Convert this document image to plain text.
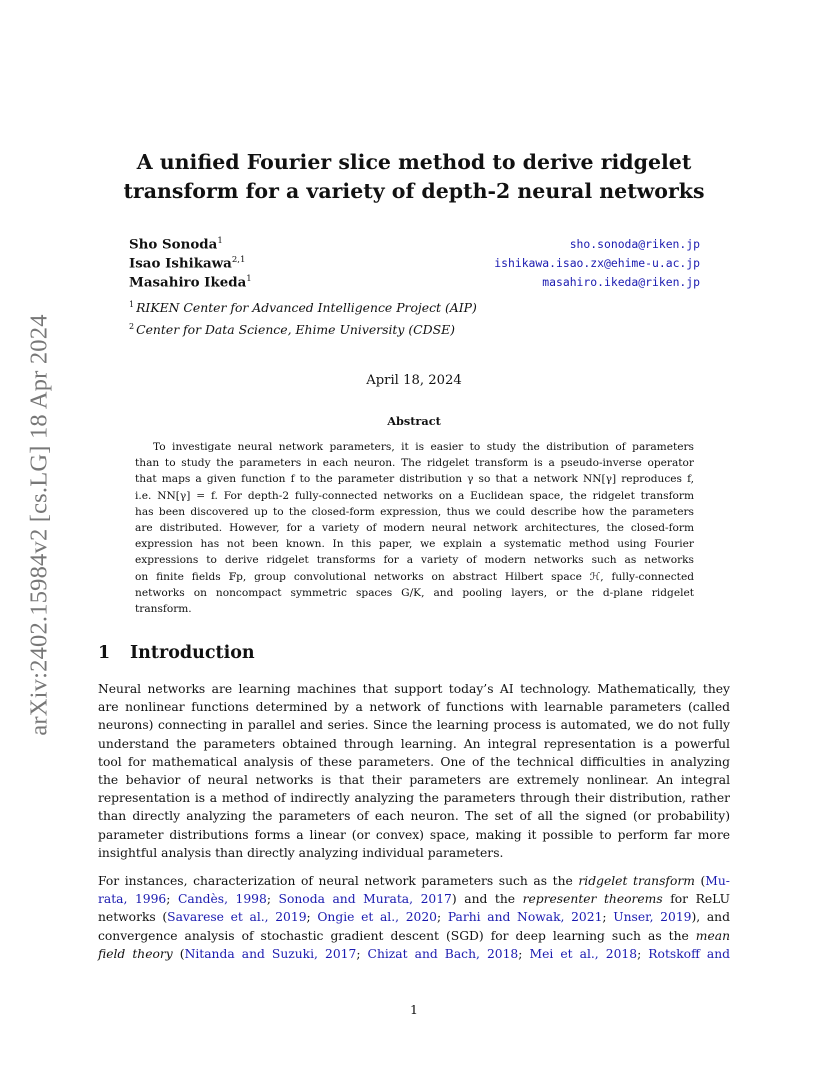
arXiv:2402.15984v2 [cs.LG] 18 Apr 2024
A unified Fourier slice method to derive ridgelet
transform for a variety of depth-2 neural networks
Sho Sonoda$^1$	sho.sonoda@riken.jp
Isao Ishikawa$^{2,1}$	ishikawa.isao.zx@ehime-u.ac.jp
Masahiro Ikeda$^1$	masahiro.ikeda@riken.jp
$^1$ RIKEN Center for Advanced Intelligence Project (AIP)
$^2$ Center for Data Science, Ehime University (CDSE)
April 18, 2024
Abstract
To investigate neural network parameters, it is easier to study the distribution of parameters
than to study the parameters in each neuron. The ridgelet transform is a pseudo-inverse operator
that maps a given function f to the parameter distribution γ so that a network NN[γ] reproduces f,
i.e. NN[γ] = f. For depth-2 fully-connected networks on a Euclidean space, the ridgelet transform
has been discovered up to the closed-form expression, thus we could describe how the parameters
are distributed. However, for a variety of modern neural network architectures, the closed-form
expression has not been known. In this paper, we explain a systematic method using Fourier
expressions to derive ridgelet transforms for a variety of modern networks such as networks
on finite fields 𝔽p, group convolutional networks on abstract Hilbert space ℋ, fully-connected
networks on noncompact symmetric spaces G/K, and pooling layers, or the d-plane ridgelet
transform.
1 Introduction
Neural networks are learning machines that support today’s AI technology. Mathematically, they
are nonlinear functions determined by a network of functions with learnable parameters (called
neurons) connecting in parallel and series. Since the learning process is automated, we do not fully
understand the parameters obtained through learning. An integral representation is a powerful
tool for mathematical analysis of these parameters. One of the technical difficulties in analyzing
the behavior of neural networks is that their parameters are extremely nonlinear. An integral
representation is a method of indirectly analyzing the parameters through their distribution, rather
than directly analyzing the parameters of each neuron. The set of all the signed (or probability)
parameter distributions forms a linear (or convex) space, making it possible to perform far more
insightful analysis than directly analyzing individual parameters.
For instances, characterization of neural network parameters such as the ridgelet transform (Mu-
rata, 1996; Candès, 1998; Sonoda and Murata, 2017) and the representer theorems for ReLU
networks (Savarese et al., 2019; Ongie et al., 2020; Parhi and Nowak, 2021; Unser, 2019), and
convergence analysis of stochastic gradient descent (SGD) for deep learning such as the mean
field theory (Nitanda and Suzuki, 2017; Chizat and Bach, 2018; Mei et al., 2018; Rotskoff and
1
